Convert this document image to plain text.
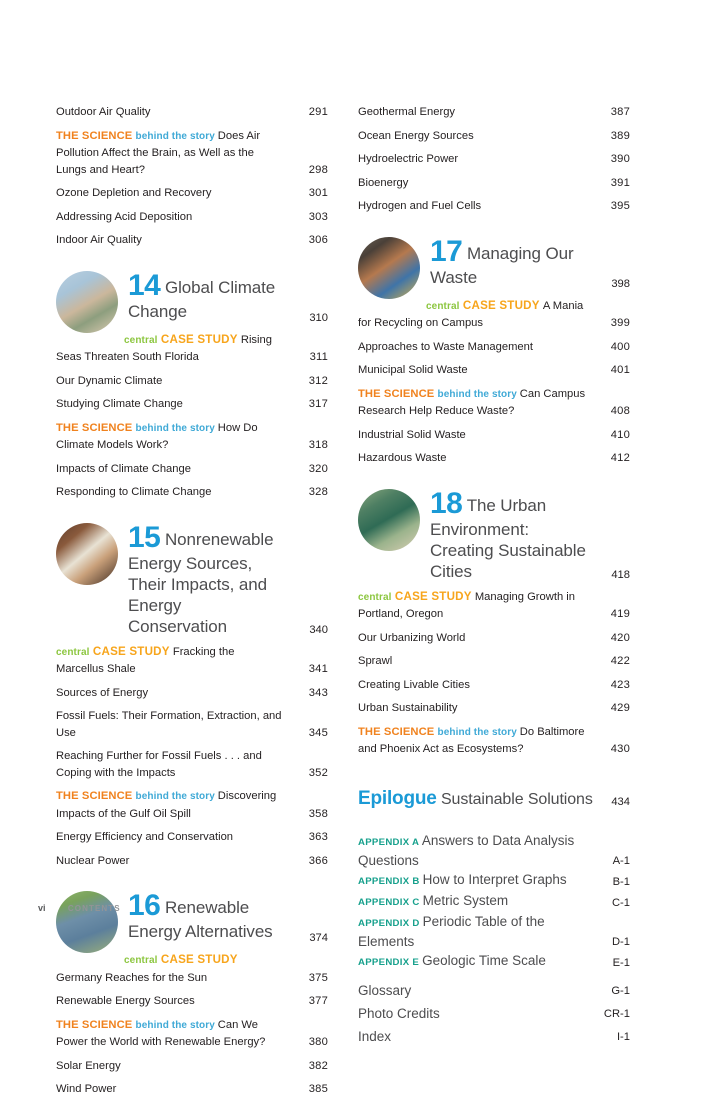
Outdoor Air Quality	291
THE SCIENCE behind the story Does Air Pollution Affect the Brain, as Well as the Lungs and Heart?	298
Ozone Depletion and Recovery	301
Addressing Acid Deposition	303
Indoor Air Quality	306
14 Global Climate Change	310
central CASE STUDY Rising Seas Threaten South Florida	311
Our Dynamic Climate	312
Studying Climate Change	317
THE SCIENCE behind the story How Do Climate Models Work?	318
Impacts of Climate Change	320
Responding to Climate Change	328
15 Nonrenewable Energy Sources, Their Impacts, and Energy Conservation	340
central CASE STUDY Fracking the Marcellus Shale	341
Sources of Energy	343
Fossil Fuels: Their Formation, Extraction, and Use	345
Reaching Further for Fossil Fuels . . . and Coping with the Impacts	352
THE SCIENCE behind the story Discovering Impacts of the Gulf Oil Spill	358
Energy Efficiency and Conservation	363
Nuclear Power	366
16 Renewable Energy Alternatives	374
central CASE STUDY Germany Reaches for the Sun	375
Renewable Energy Sources	377
THE SCIENCE behind the story Can We Power the World with Renewable Energy?	380
Solar Energy	382
Wind Power	385
Geothermal Energy	387
Ocean Energy Sources	389
Hydroelectric Power	390
Bioenergy	391
Hydrogen and Fuel Cells	395
17 Managing Our Waste	398
central CASE STUDY A Mania for Recycling on Campus	399
Approaches to Waste Management	400
Municipal Solid Waste	401
THE SCIENCE behind the story Can Campus Research Help Reduce Waste?	408
Industrial Solid Waste	410
Hazardous Waste	412
18 The Urban Environment: Creating Sustainable Cities	418
central CASE STUDY Managing Growth in Portland, Oregon	419
Our Urbanizing World	420
Sprawl	422
Creating Livable Cities	423
Urban Sustainability	429
THE SCIENCE behind the story Do Baltimore and Phoenix Act as Ecosystems?	430
Epilogue Sustainable Solutions 434
APPENDIX A Answers to Data Analysis Questions	A-1
APPENDIX B How to Interpret Graphs	B-1
APPENDIX C Metric System	C-1
APPENDIX D Periodic Table of the Elements	D-1
APPENDIX E Geologic Time Scale	E-1
Glossary	G-1
Photo Credits	CR-1
Index	I-1
vi	CONTENTS
